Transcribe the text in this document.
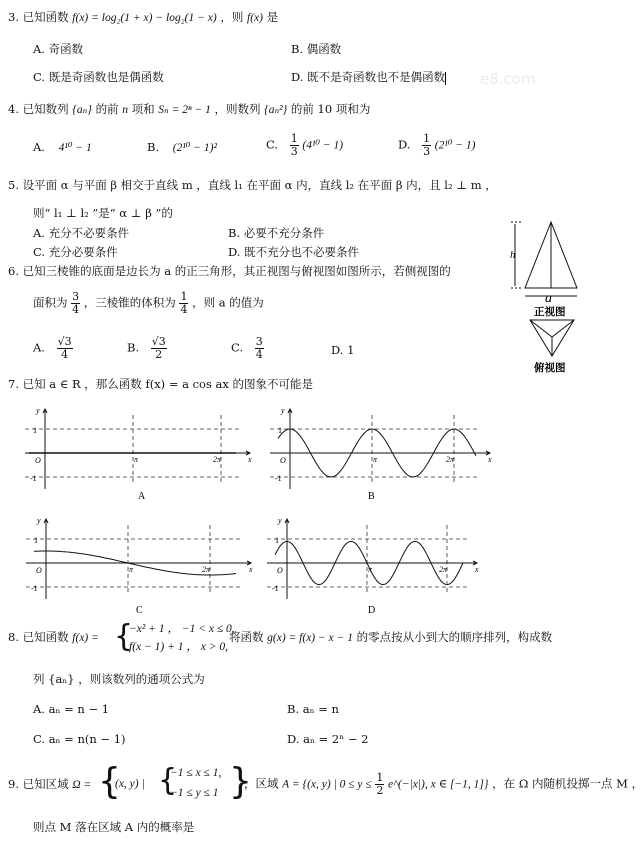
3. 已知函数 f(x) = log₂(1 + x) − log₂(1 − x) ，则 f(x) 是
A. 奇函数	B. 偶函数
C. 既是奇函数也是偶函数	D. 既不是奇函数也不是偶函数 e8.com
4. 已知数列 {aₙ} 的前 n 项和 Sₙ = 2ⁿ − 1 ，则数列 {aₙ²} 的前 10 项和为
A. 4¹⁰ − 1	B. (2¹⁰ − 1)²	C. $\frac{1}{3} (4^{10} - 1)$	D. $\frac{1}{3} (2^{10} - 1)$
5. 设平面 α 与平面 β 相交于直线 m ，直线 l₁ 在平面 α 内，直线 l₂ 在平面 β 内，且 l₂ ⊥ m ，
则“ l₁ ⊥ l₂ ”是“ α ⊥ β ”的
A. 充分不必要条件	B. 必要不充分条件
C. 充分必要条件	D. 既不充分也不必要条件
6. 已知三棱锥的底面是边长为 a 的正三角形，其正视图与俯视图如图所示，若侧视图的
面积为 $\frac{3}{4}$ ，三棱锥的体积为 $\frac{1}{4}$ ，则 a 的值为
A. $\frac{√3}{4}$	B. $\frac{√3}{2}$	C. $\frac{3}{4}$	D. 1
h
a
正视图
俯视图
7. 已知 a ∈ R ，那么函数 f(x) = a cos ax 的图象不可能是
y
x
1
-1
O	π	2π
A
y
x
1
-1
O	π	2π
B
y
x
1
-1
O	π	2π
C
y
x
1
-1
O	π	2π
D
8. 已知函数 f(x) = {
−x² + 1 ， −1 < x ≤ 0,
f(x − 1) + 1 ， x > 0,
将函数 g(x) = f(x) − x − 1 的零点按从小到大的顺序排列，构成数
列 {aₙ} ，则该数列的通项公式为
A. aₙ = n − 1	B. aₙ = n
C. aₙ = n(n − 1)	D. aₙ = 2ⁿ − 2
9. 已知区域 Ω = {
(x, y) | {
−1 ≤ x ≤ 1,
−1 ≤ y ≤ 1 }
，区域 A = {(x, y) | $0 \le y \le \frac{1}{2}$ e^(−|x|), x ∈ [−1, 1]} ，在 Ω 内随机投掷一点 M ，
则点 M 落在区域 A 内的概率是
